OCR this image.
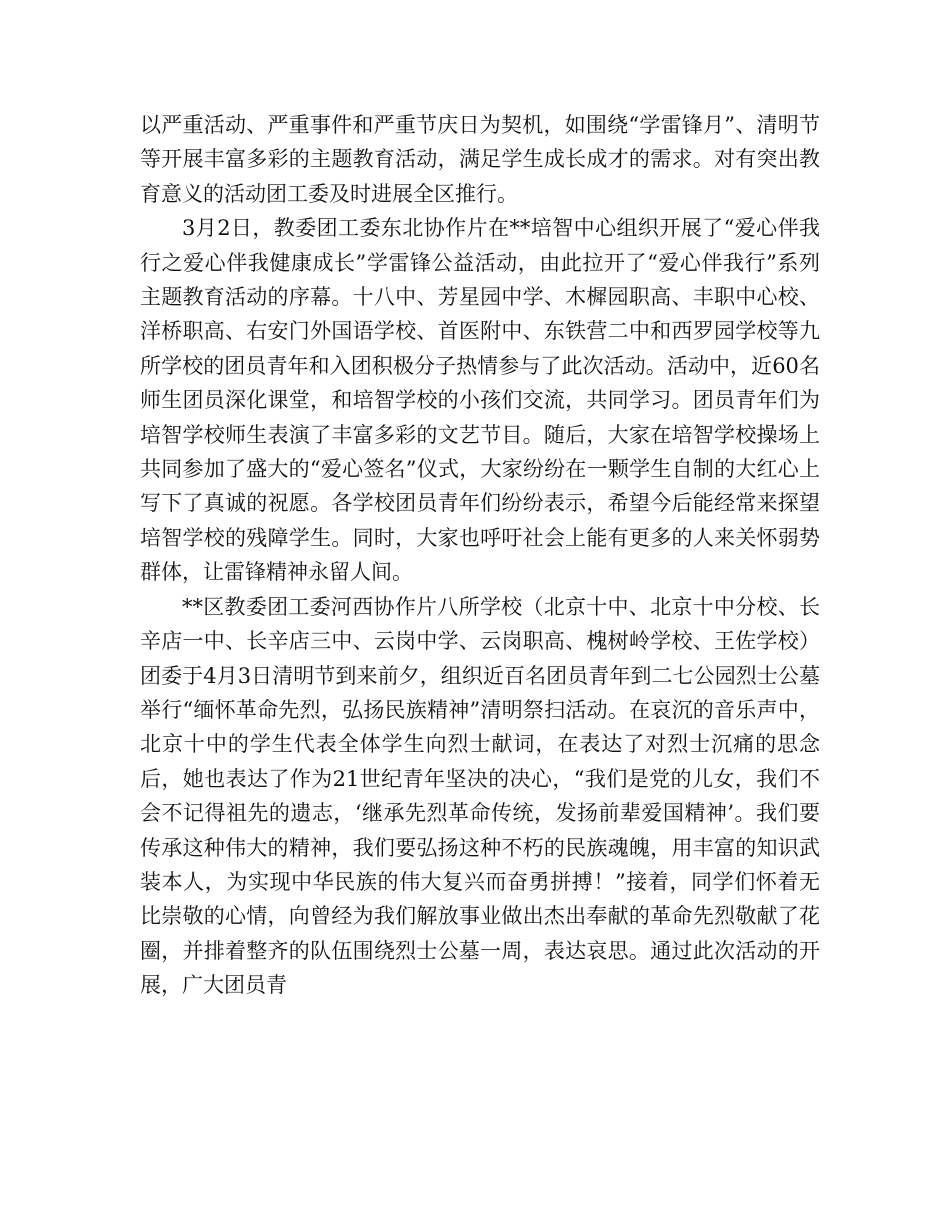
以严重活动、严重事件和严重节庆日为契机，如围绕“学雷锋月”、清明节等开展丰富多彩的主题教育活动，满足学生成长成才的需求。对有突出教育意义的活动团工委及时进展全区推行。

3月2日，教委团工委东北协作片在**培智中心组织开展了“爱心伴我行之爱心伴我健康成长”学雷锋公益活动，由此拉开了“爱心伴我行”系列主题教育活动的序幕。十八中、芳星园中学、木樨园职高、丰职中心校、洋桥职高、右安门外国语学校、首医附中、东铁营二中和西罗园学校等九所学校的团员青年和入团积极分子热情参与了此次活动。活动中，近60名师生团员深化课堂，和培智学校的小孩们交流，共同学习。团员青年们为培智学校师生表演了丰富多彩的文艺节目。随后，大家在培智学校操场上共同参加了盛大的“爱心签名”仪式，大家纷纷在一颗学生自制的大红心上写下了真诚的祝愿。各学校团员青年们纷纷表示，希望今后能经常来探望培智学校的残障学生。同时，大家也呼吁社会上能有更多的人来关怀弱势群体，让雷锋精神永留人间。

**区教委团工委河西协作片八所学校（北京十中、北京十中分校、长辛店一中、长辛店三中、云岗中学、云岗职高、槐树岭学校、王佐学校）团委于4月3日清明节到来前夕，组织近百名团员青年到二七公园烈士公墓举行“缅怀革命先烈，弘扬民族精神”清明祭扫活动。在哀沉的音乐声中，北京十中的学生代表全体学生向烈士献词，在表达了对烈士沉痛的思念后，她也表达了作为21世纪青年坚决的决心，“我们是党的儿女，我们不会不记得祖先的遗志，‘继承先烈革命传统，发扬前辈爱国精神’。我们要传承这种伟大的精神，我们要弘扬这种不朽的民族魂魄，用丰富的知识武装本人，为实现中华民族的伟大复兴而奋勇拼搏！”接着，同学们怀着无比崇敬的心情，向曾经为我们解放事业做出杰出奉献的革命先烈敬献了花圈，并排着整齐的队伍围绕烈士公墓一周，表达哀思。通过此次活动的开展，广大团员青
